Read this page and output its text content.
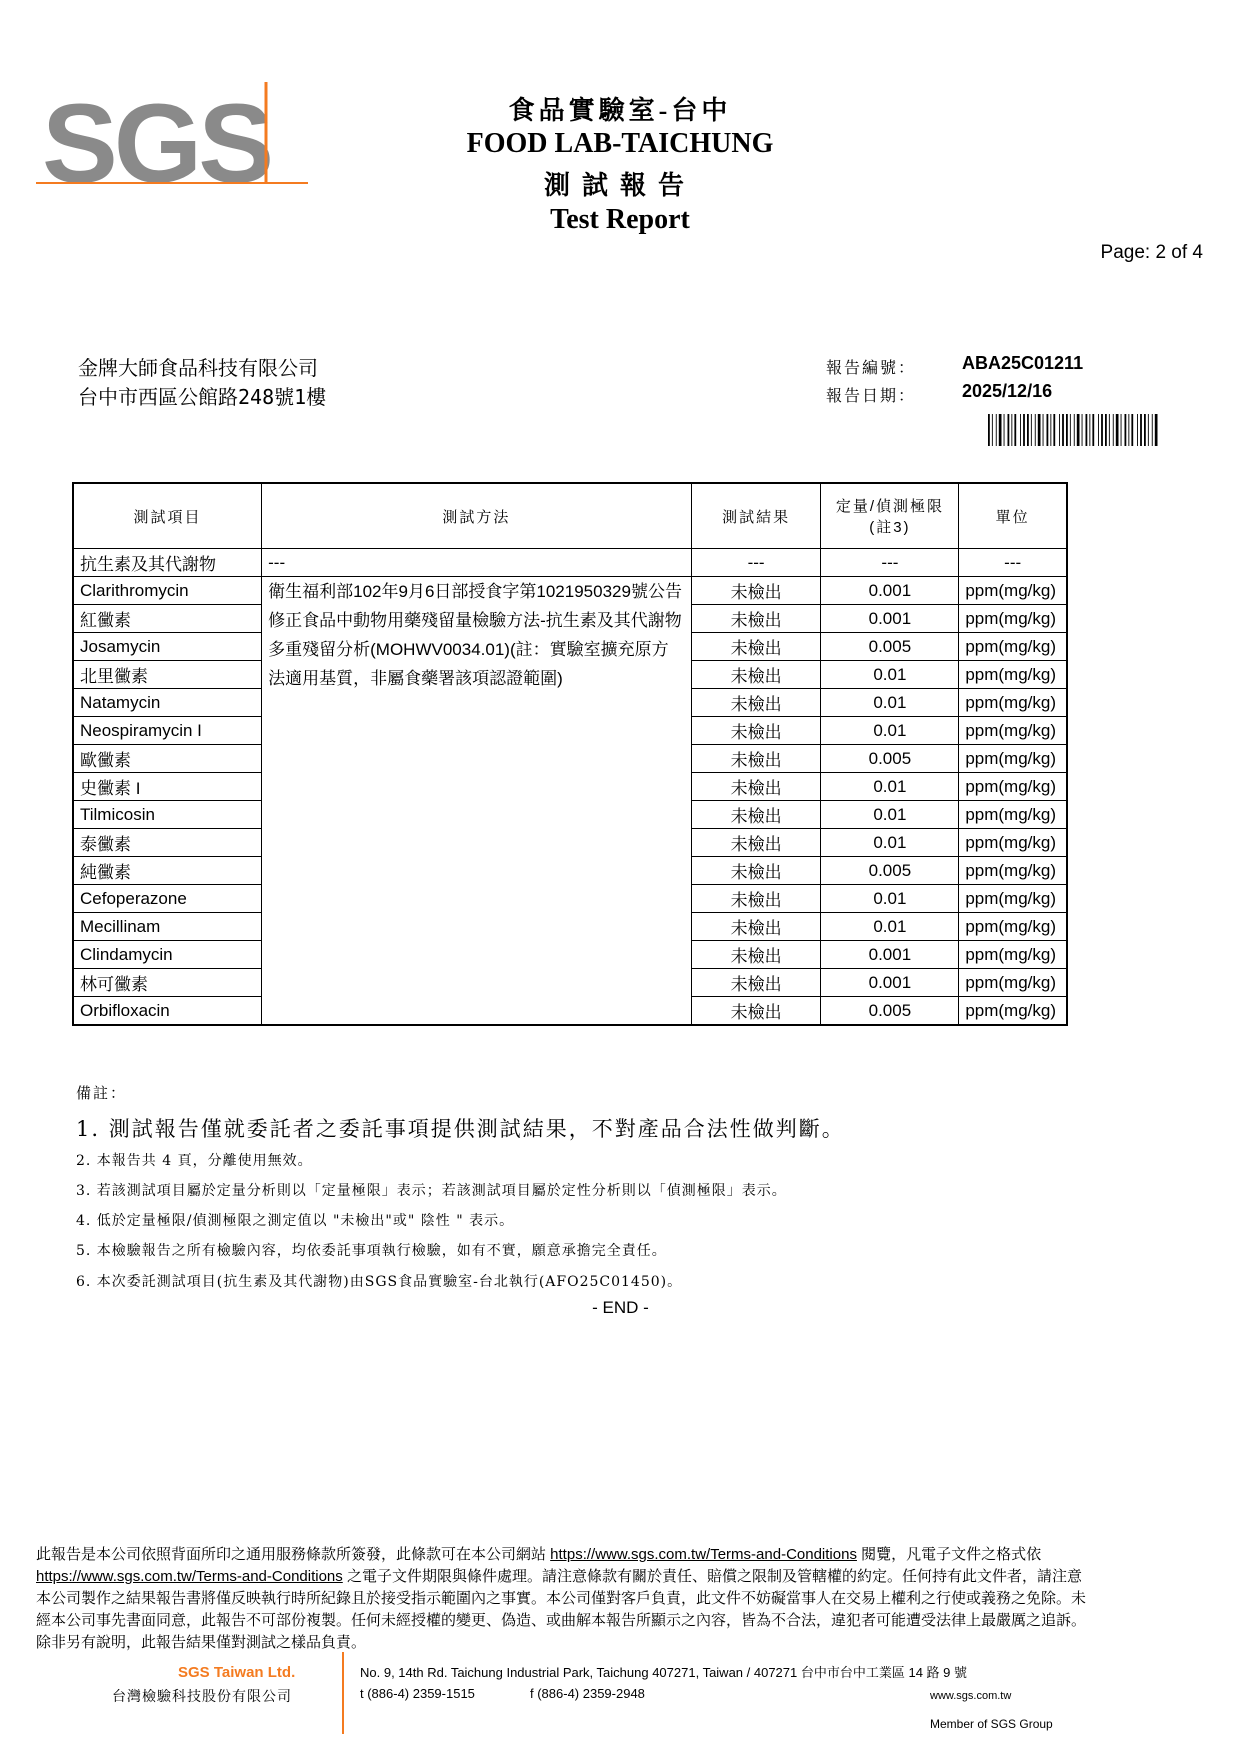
SGS	食品實驗室-台中
FOOD LAB-TAICHUNG
測試報告
Test Report
Page: 2 of 4
金牌大師食品科技有限公司
台中市西區公館路248號1樓
報告編號：	ABA25C01211
報告日期：	2025/12/16
測試項目	測試方法	測試結果	定量/偵測極限(註3)	單位
抗生素及其代謝物	---	---	---	---
Clarithromycin	衛生福利部102年9月6日部授食字第1021950329號公告修正食品中動物用藥殘留量檢驗方法-抗生素及其代謝物多重殘留分析(MOHWV0034.01)(註：實驗室擴充原方法適用基質，非屬食藥署該項認證範圍)	未檢出	0.001	ppm(mg/kg)
紅黴素		未檢出	0.001	ppm(mg/kg)
Josamycin		未檢出	0.005	ppm(mg/kg)
北里黴素		未檢出	0.01	ppm(mg/kg)
Natamycin		未檢出	0.01	ppm(mg/kg)
Neospiramycin I		未檢出	0.01	ppm(mg/kg)
歐黴素		未檢出	0.005	ppm(mg/kg)
史黴素 I		未檢出	0.01	ppm(mg/kg)
Tilmicosin		未檢出	0.01	ppm(mg/kg)
泰黴素		未檢出	0.01	ppm(mg/kg)
純黴素		未檢出	0.005	ppm(mg/kg)
Cefoperazone		未檢出	0.01	ppm(mg/kg)
Mecillinam		未檢出	0.01	ppm(mg/kg)
Clindamycin		未檢出	0.001	ppm(mg/kg)
林可黴素		未檢出	0.001	ppm(mg/kg)
Orbifloxacin		未檢出	0.005	ppm(mg/kg)
備註：
1. 測試報告僅就委託者之委託事項提供測試結果，不對產品合法性做判斷。
2. 本報告共 4 頁，分離使用無效。
3. 若該測試項目屬於定量分析則以「定量極限」表示；若該測試項目屬於定性分析則以「偵測極限」表示。
4. 低於定量極限/偵測極限之測定值以 "未檢出"或" 陰性 " 表示。
5. 本檢驗報告之所有檢驗內容，均依委託事項執行檢驗，如有不實，願意承擔完全責任。
6. 本次委託測試項目(抗生素及其代謝物)由SGS食品實驗室-台北執行(AFO25C01450)。
- END -
此報告是本公司依照背面所印之通用服務條款所簽發，此條款可在本公司網站 https://www.sgs.com.tw/Terms-and-Conditions 閱覽，凡電子文件之格式依
https://www.sgs.com.tw/Terms-and-Conditions 之電子文件期限與條件處理。請注意條款有關於責任、賠償之限制及管轄權的約定。任何持有此文件者，請注意
本公司製作之結果報告書將僅反映執行時所紀錄且於接受指示範圍內之事實。本公司僅對客戶負責，此文件不妨礙當事人在交易上權利之行使或義務之免除。未
經本公司事先書面同意，此報告不可部份複製。任何未經授權的變更、偽造、或曲解本報告所顯示之內容，皆為不合法，違犯者可能遭受法律上最嚴厲之追訴。
除非另有說明，此報告結果僅對測試之樣品負責。
SGS Taiwan Ltd.
台灣檢驗科技股份有限公司
No. 9, 14th Rd. Taichung Industrial Park, Taichung 407271, Taiwan / 407271 台中市台中工業區 14 路 9 號
t (886-4) 2359-1515	f (886-4) 2359-2948	www.sgs.com.tw
Member of SGS Group
